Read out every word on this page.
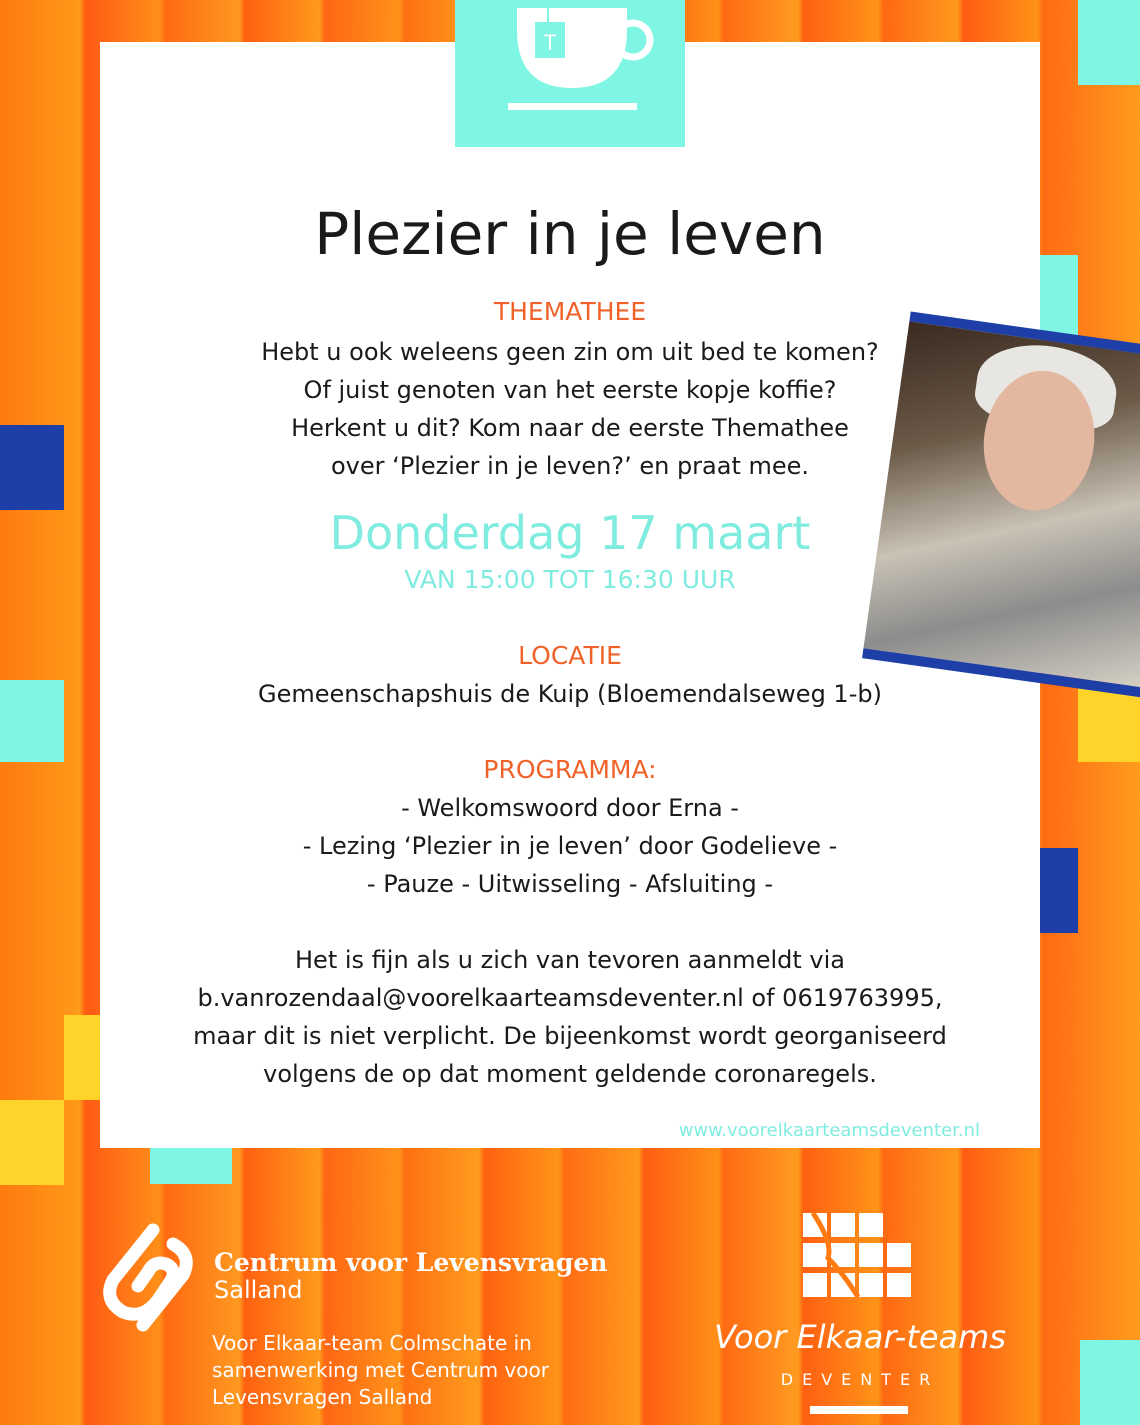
T
Plezier in je leven
THEMATHEE
Hebt u ook weleens geen zin om uit bed te komen?
Of juist genoten van het eerste kopje koffie?
Herkent u dit? Kom naar de eerste Themathee
over ‘Plezier in je leven?’ en praat mee.
Donderdag 17 maart
VAN 15:00 TOT 16:30 UUR
LOCATIE
Gemeenschapshuis de Kuip (Bloemendalseweg 1-b)
PROGRAMMA:
- Welkomswoord door Erna -
- Lezing ‘Plezier in je leven’ door Godelieve -
- Pauze - Uitwisseling - Afsluiting -
Het is fijn als u zich van tevoren aanmeldt via
b.vanrozendaal@voorelkaarteamsdeventer.nl of 0619763995,
maar dit is niet verplicht. De bijeenkomst wordt georganiseerd
volgens de op dat moment geldende coronaregels.
www.voorelkaarteamsdeventer.nl
Centrum voor Levensvragen
Salland
Voor Elkaar-team Colmschate in
samenwerking met Centrum voor
Levensvragen Salland
Voor Elkaar-teams
DEVENTER
